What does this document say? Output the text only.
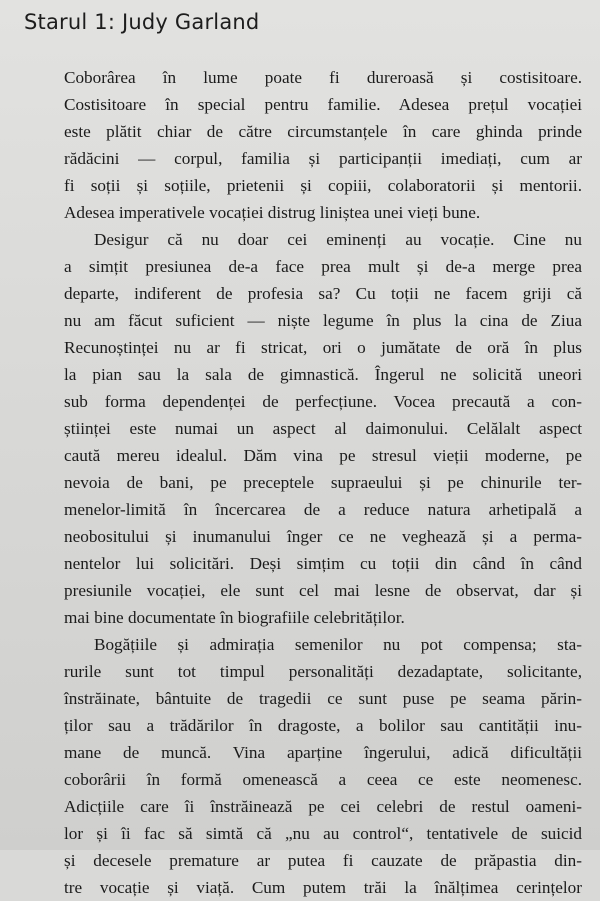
Starul 1: Judy Garland

Coborârea în lume poate fi dureroasă și costisitoare.
Costisitoare în special pentru familie. Adesea prețul vocației
este plătit chiar de către circumstanțele în care ghinda prinde
rădăcini — corpul, familia și participanții imediați, cum ar
fi soții și soțiile, prietenii și copiii, colaboratorii și mentorii.
Adesea imperativele vocației distrug liniștea unei vieți bune.

Desigur că nu doar cei eminenți au vocație. Cine nu
a simțit presiunea de-a face prea mult și de-a merge prea
departe, indiferent de profesia sa? Cu toții ne facem griji că
nu am făcut suficient — niște legume în plus la cina de Ziua
Recunoștinței nu ar fi stricat, ori o jumătate de oră în plus
la pian sau la sala de gimnastică. Îngerul ne solicită uneori
sub forma dependenței de perfecțiune. Vocea precaută a con-
științei este numai un aspect al daimonului. Celălalt aspect
caută mereu idealul. Dăm vina pe stresul vieții moderne, pe
nevoia de bani, pe preceptele supraeului și pe chinurile ter-
menelor-limită în încercarea de a reduce natura arhetipală a
neobositului și inumanului înger ce ne veghează și a perma-
nentelor lui solicitări. Deși simțim cu toții din când în când
presiunile vocației, ele sunt cel mai lesne de observat, dar și
mai bine documentate în biografiile celebrităților.

Bogățiile și admirația semenilor nu pot compensa; sta-
rurile sunt tot timpul personalități dezadaptate, solicitante,
înstrăinate, bântuite de tragedii ce sunt puse pe seama părin-
ților sau a trădărilor în dragoste, a bolilor sau cantității inu-
mane de muncă. Vina aparține îngerului, adică dificultății
coborârii în formă omenească a ceea ce este neomenesc.
Adicțiile care îi înstrăinează pe cei celebri de restul oameni-
lor și îi fac să simtă că „nu au control“, tentativele de suicid
și decesele premature ar putea fi cauzate de prăpastia din-
tre vocație și viață. Cum putem trăi la înălțimea cerințelor
